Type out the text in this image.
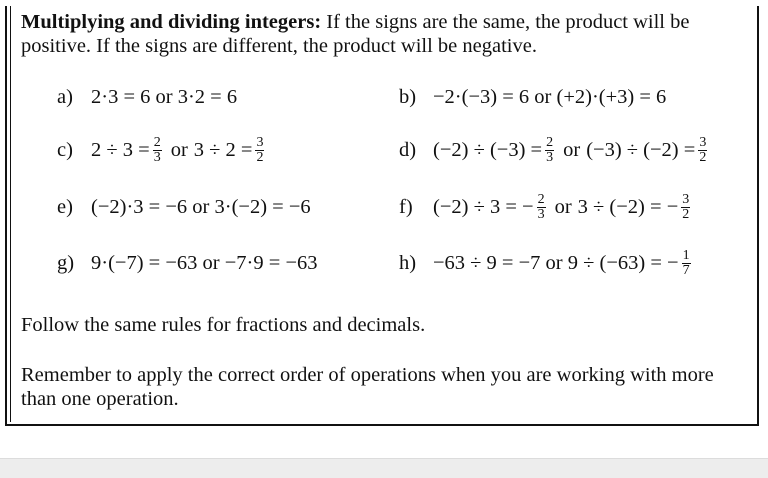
Multiplying and dividing integers: If the signs are the same, the product will be positive. If the signs are different, the product will be negative.
a) 2·3 = 6 or 3·2 = 6	b) −2·(−3) = 6 or (+2)·(+3) = 6
c) $2 \div 3 = \frac{2}{3}$ or $3 \div 2 = \frac{3}{2}$	d) $(-2) \div (-3) = \frac{2}{3}$ or $(-3) \div (-2) = \frac{3}{2}$
e) (−2)·3 = −6 or 3·(−2) = −6	f) (−2) ÷ 3 = − $\frac{2}{3}$ or 3 ÷ (−2) = − $\frac{3}{2}$
g) 9·(−7) = −63 or −7·9 = −63	h) −63 ÷ 9 = −7 or 9 ÷ (−63) = − $\frac{1}{7}$
Follow the same rules for fractions and decimals.
Remember to apply the correct order of operations when you are working with more than one operation.
